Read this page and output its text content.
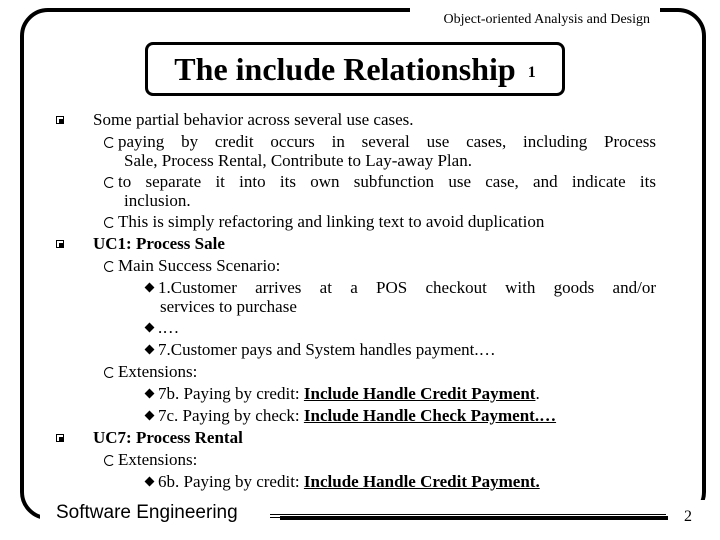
Object-oriented Analysis and Design
The include Relationship 1
Some partial behavior across several use cases.
paying by credit occurs in several use cases, including Process
Sale, Process Rental, Contribute to Lay-away Plan.
to separate it into its own subfunction use case, and indicate its
inclusion.
This is simply refactoring and linking text to avoid duplication
UC1: Process Sale
Main Success Scenario:
1.Customer arrives at a POS checkout with goods and/or
services to purchase
.…
7.Customer pays and System handles payment.…
Extensions:
7b. Paying by credit: Include Handle Credit Payment.
7c. Paying by check: Include Handle Check Payment.…
UC7: Process Rental
Extensions:
6b. Paying by credit: Include Handle Credit Payment.
Software Engineering	2
